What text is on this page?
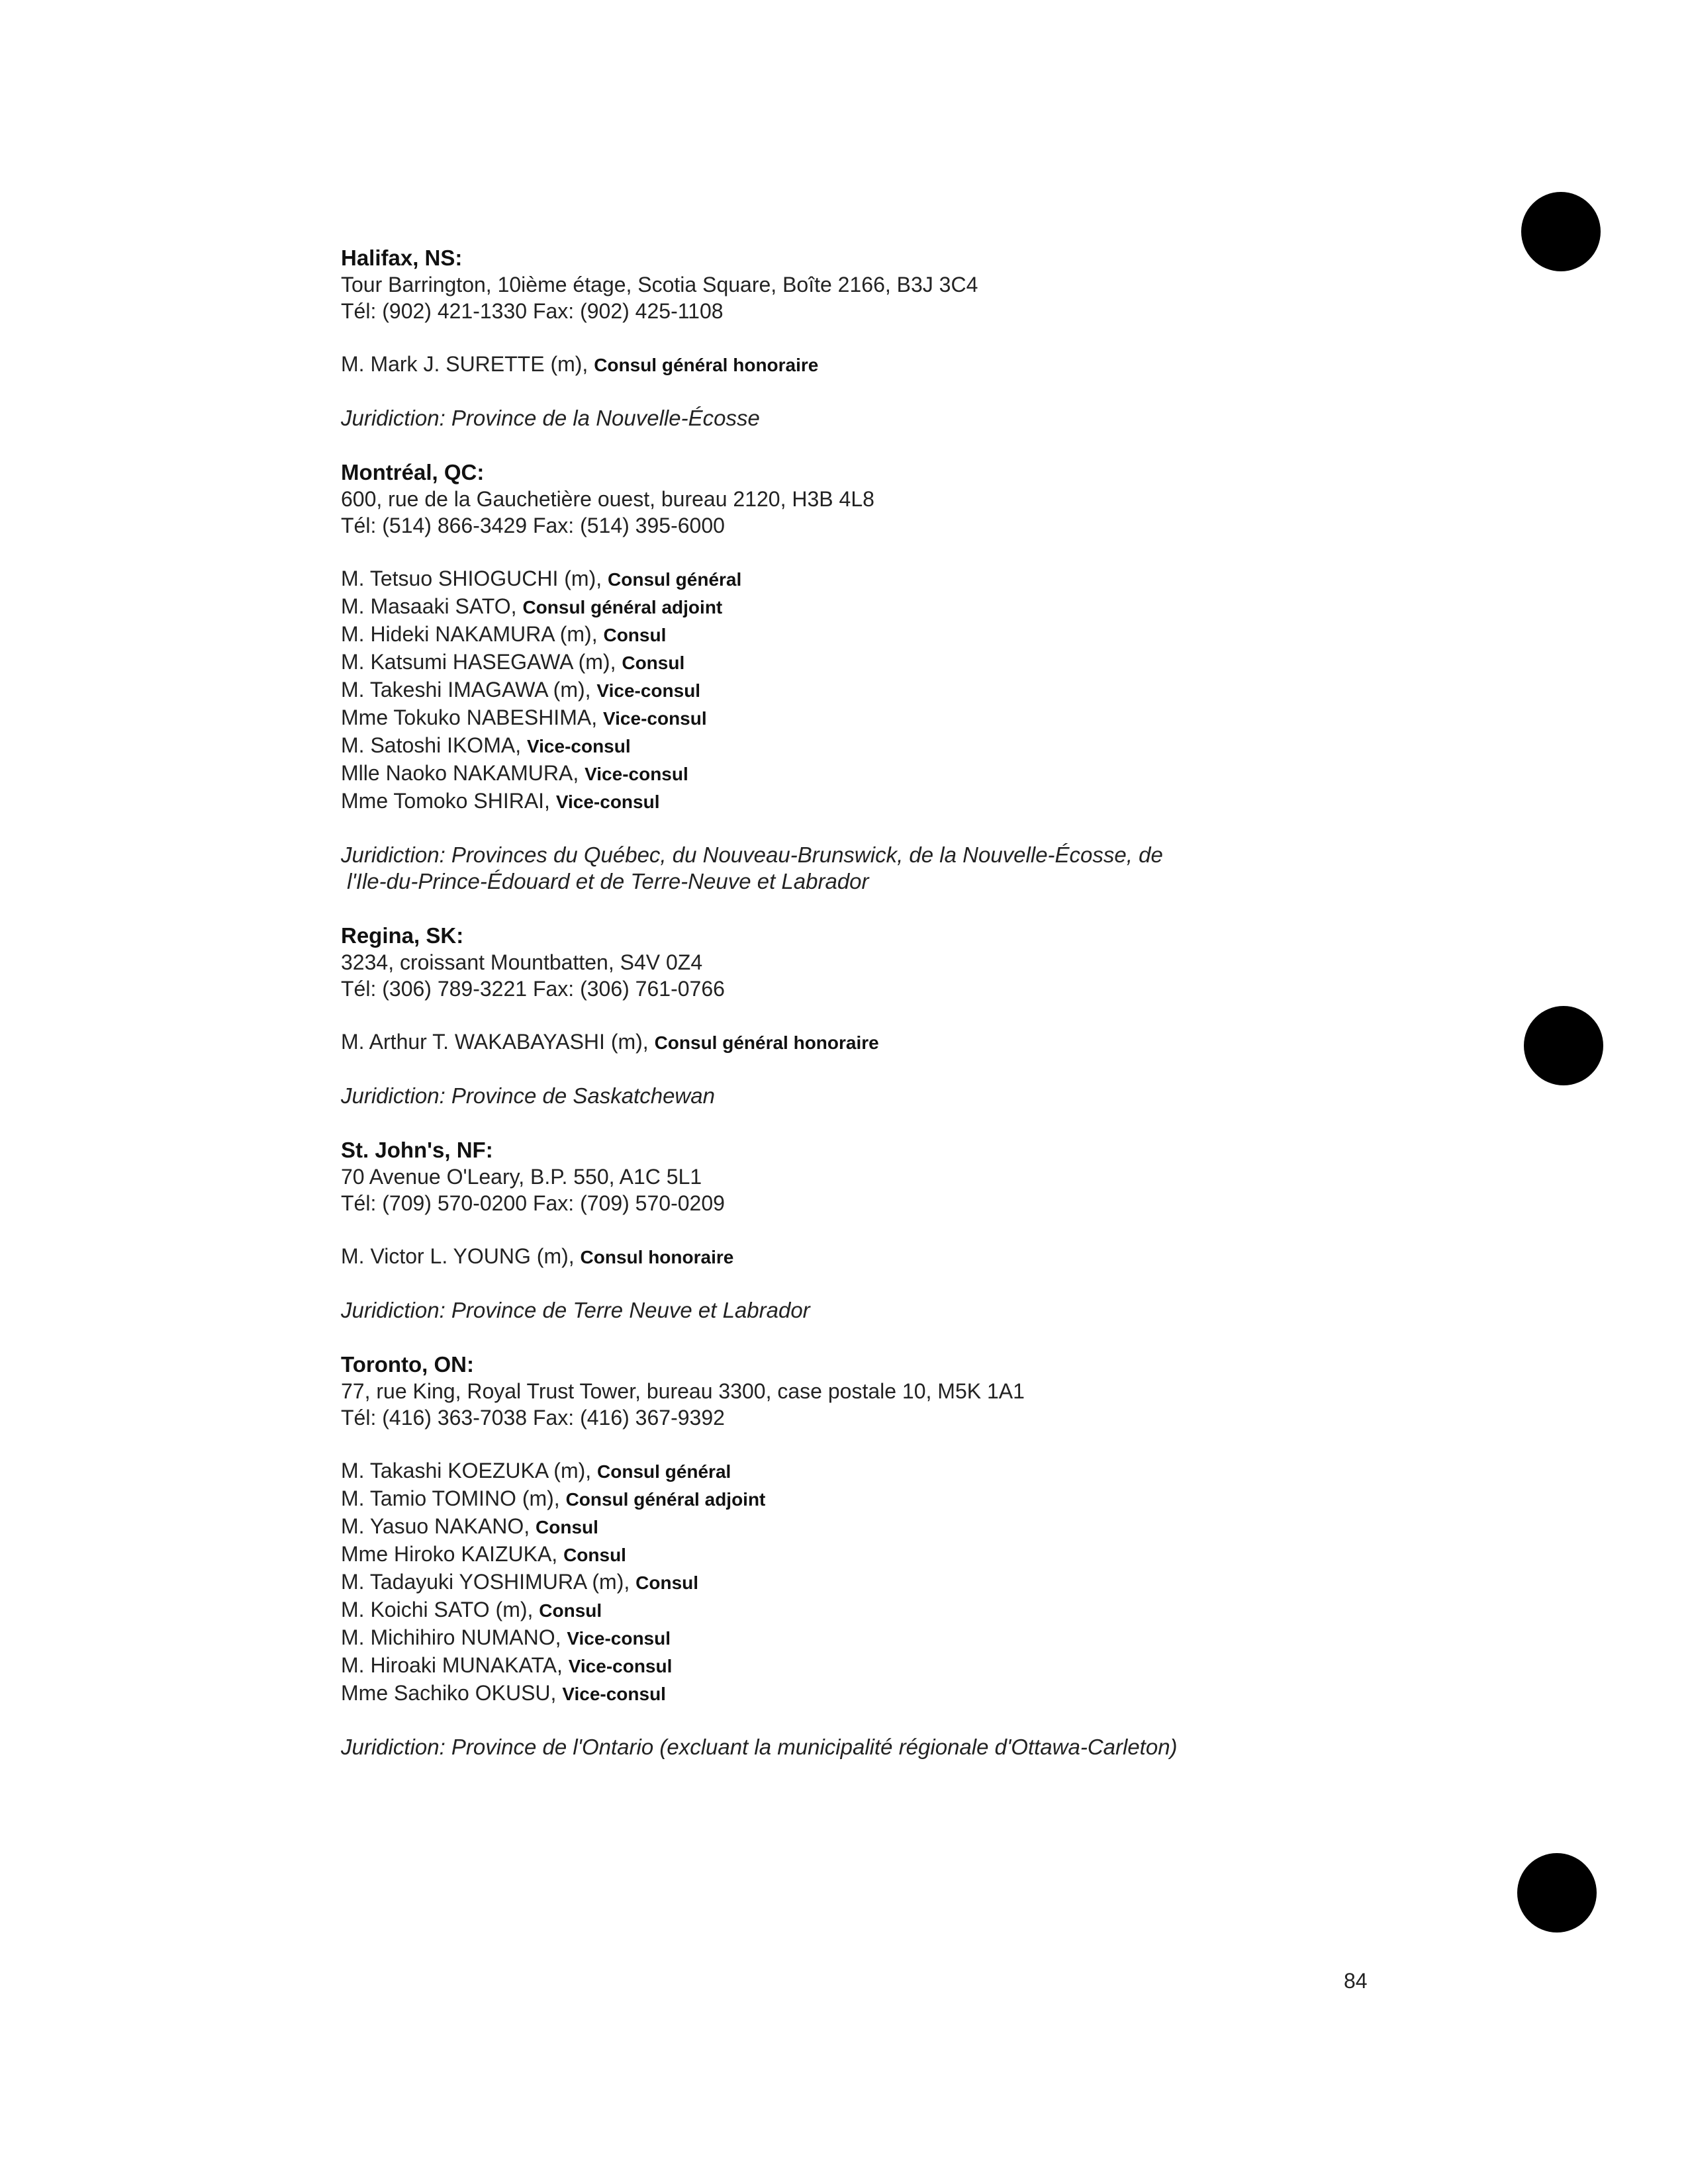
Halifax, NS:
Tour Barrington, 10ième étage, Scotia Square, Boîte 2166, B3J 3C4
Tél: (902) 421-1330 Fax: (902) 425-1108
M. Mark J. SURETTE (m), Consul général honoraire
Juridiction: Province de la Nouvelle-Écosse
Montréal, QC:
600, rue de la Gauchetière ouest, bureau 2120, H3B 4L8
Tél: (514) 866-3429 Fax: (514) 395-6000
M. Tetsuo SHIOGUCHI (m), Consul général
M. Masaaki SATO, Consul général adjoint
M. Hideki NAKAMURA (m), Consul
M. Katsumi HASEGAWA (m), Consul
M. Takeshi IMAGAWA (m), Vice-consul
Mme Tokuko NABESHIMA, Vice-consul
M. Satoshi IKOMA, Vice-consul
Mlle Naoko NAKAMURA, Vice-consul
Mme Tomoko SHIRAI, Vice-consul
Juridiction: Provinces du Québec, du Nouveau-Brunswick, de la Nouvelle-Écosse, de
l'Ile-du-Prince-Édouard et de Terre-Neuve et Labrador
Regina, SK:
3234, croissant Mountbatten, S4V 0Z4
Tél: (306) 789-3221 Fax: (306) 761-0766
M. Arthur T. WAKABAYASHI (m), Consul général honoraire
Juridiction: Province de Saskatchewan
St. John's, NF:
70 Avenue O'Leary, B.P. 550, A1C 5L1
Tél: (709) 570-0200 Fax: (709) 570-0209
M. Victor L. YOUNG (m), Consul honoraire
Juridiction: Province de Terre Neuve et Labrador
Toronto, ON:
77, rue King, Royal Trust Tower, bureau 3300, case postale 10, M5K 1A1
Tél: (416) 363-7038 Fax: (416) 367-9392
M. Takashi KOEZUKA (m), Consul général
M. Tamio TOMINO (m), Consul général adjoint
M. Yasuo NAKANO, Consul
Mme Hiroko KAIZUKA, Consul
M. Tadayuki YOSHIMURA (m), Consul
M. Koichi SATO (m), Consul
M. Michihiro NUMANO, Vice-consul
M. Hiroaki MUNAKATA, Vice-consul
Mme Sachiko OKUSU, Vice-consul
Juridiction: Province de l'Ontario (excluant la municipalité régionale d'Ottawa-Carleton)
84
